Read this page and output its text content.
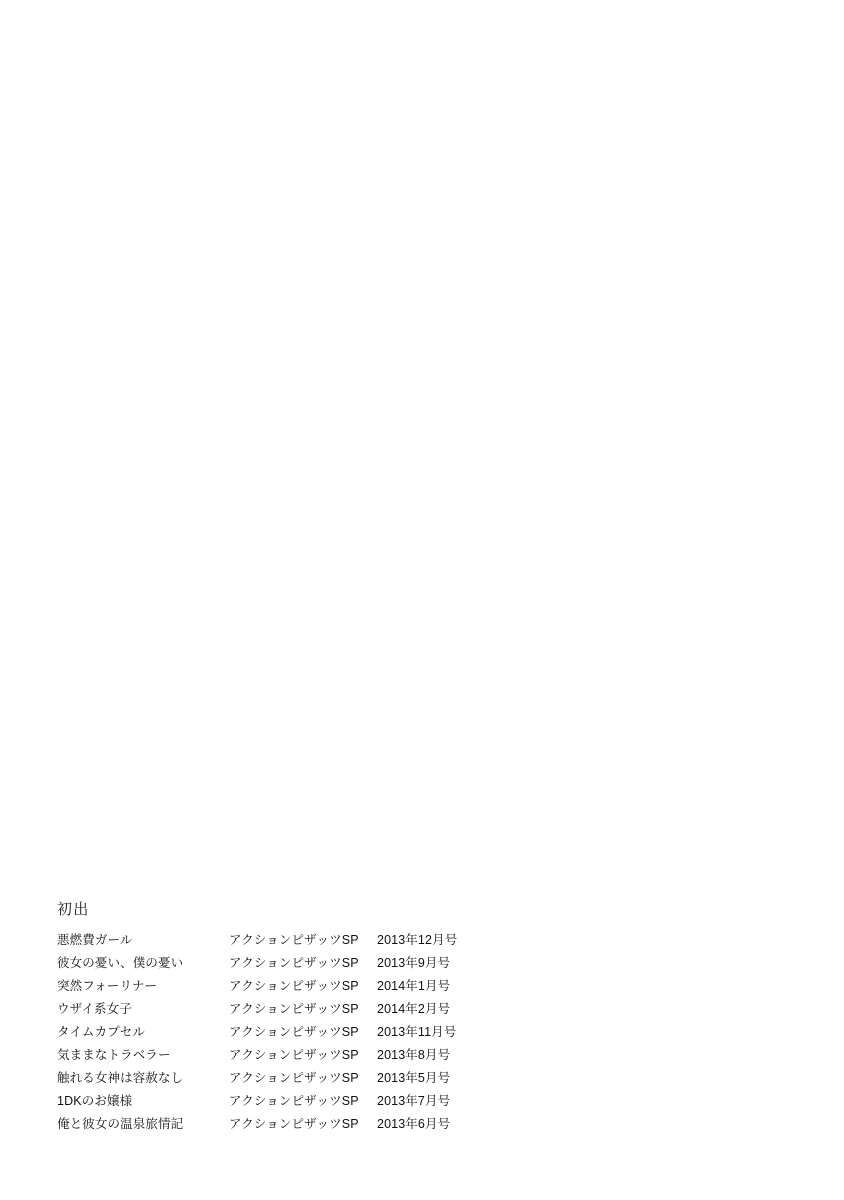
初出
悪燃費ガール	アクションピザッツSP	2013年12月号
彼女の憂い、僕の憂い	アクションピザッツSP	2013年9月号
突然フォーリナー	アクションピザッツSP	2014年1月号
ウザイ系女子	アクションピザッツSP	2014年2月号
タイムカプセル	アクションピザッツSP	2013年11月号
気ままなトラベラー	アクションピザッツSP	2013年8月号
触れる女神は容赦なし	アクションピザッツSP	2013年5月号
1DKのお嬢様	アクションピザッツSP	2013年7月号
俺と彼女の温泉旅情記	アクションピザッツSP	2013年6月号
